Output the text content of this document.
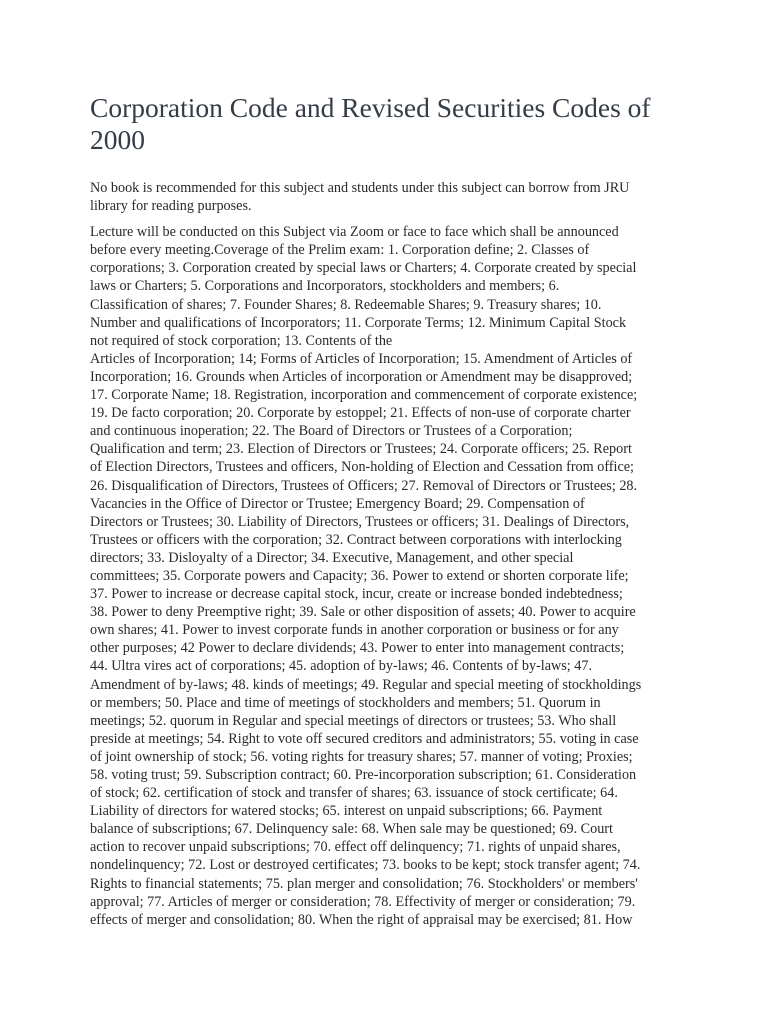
Corporation Code and Revised Securities Codes of
2000

No book is recommended for this subject and students under this subject can borrow from JRU
library for reading purposes.

Lecture will be conducted on this Subject via Zoom or face to face which shall be announced
before every meeting.Coverage of the Prelim exam: 1. Corporation define; 2. Classes of
corporations; 3. Corporation created by special laws or Charters; 4. Corporate created by special
laws or Charters; 5. Corporations and Incorporators, stockholders and members; 6.
Classification of shares; 7. Founder Shares; 8. Redeemable Shares; 9. Treasury shares; 10.
Number and qualifications of Incorporators; 11. Corporate Terms; 12. Minimum Capital Stock
not required of stock corporation; 13. Contents of the
Articles of Incorporation; 14; Forms of Articles of Incorporation; 15. Amendment of Articles of
Incorporation; 16. Grounds when Articles of incorporation or Amendment may be disapproved;
17. Corporate Name; 18. Registration, incorporation and commencement of corporate existence;
19. De facto corporation; 20. Corporate by estoppel; 21. Effects of non-use of corporate charter
and continuous inoperation; 22. The Board of Directors or Trustees of a Corporation;
Qualification and term; 23. Election of Directors or Trustees; 24. Corporate officers; 25. Report
of Election Directors, Trustees and officers, Non-holding of Election and Cessation from office;
26. Disqualification of Directors, Trustees of Officers; 27. Removal of Directors or Trustees; 28.
Vacancies in the Office of Director or Trustee; Emergency Board; 29. Compensation of
Directors or Trustees; 30. Liability of Directors, Trustees or officers; 31. Dealings of Directors,
Trustees or officers with the corporation; 32. Contract between corporations with interlocking
directors; 33. Disloyalty of a Director; 34. Executive, Management, and other special
committees; 35. Corporate powers and Capacity; 36. Power to extend or shorten corporate life;
37. Power to increase or decrease capital stock, incur, create or increase bonded indebtedness;
38. Power to deny Preemptive right; 39. Sale or other disposition of assets; 40. Power to acquire
own shares; 41. Power to invest corporate funds in another corporation or business or for any
other purposes; 42 Power to declare dividends; 43. Power to enter into management contracts;
44. Ultra vires act of corporations; 45. adoption of by-laws; 46. Contents of by-laws; 47.
Amendment of by-laws; 48. kinds of meetings; 49. Regular and special meeting of stockholdings
or members; 50. Place and time of meetings of stockholders and members; 51. Quorum in
meetings; 52. quorum in Regular and special meetings of directors or trustees; 53. Who shall
preside at meetings; 54. Right to vote off secured creditors and administrators; 55. voting in case
of joint ownership of stock; 56. voting rights for treasury shares; 57. manner of voting; Proxies;
58. voting trust; 59. Subscription contract; 60. Pre-incorporation subscription; 61. Consideration
of stock; 62. certification of stock and transfer of shares; 63. issuance of stock certificate; 64.
Liability of directors for watered stocks; 65. interest on unpaid subscriptions; 66. Payment
balance of subscriptions; 67. Delinquency sale: 68. When sale may be questioned; 69. Court
action to recover unpaid subscriptions; 70. effect off delinquency; 71. rights of unpaid shares,
nondelinquency; 72. Lost or destroyed certificates; 73. books to be kept; stock transfer agent; 74.
Rights to financial statements; 75. plan merger and consolidation; 76. Stockholders' or members'
approval; 77. Articles of merger or consideration; 78. Effectivity of merger or consideration; 79.
effects of merger and consolidation; 80. When the right of appraisal may be exercised; 81. How
